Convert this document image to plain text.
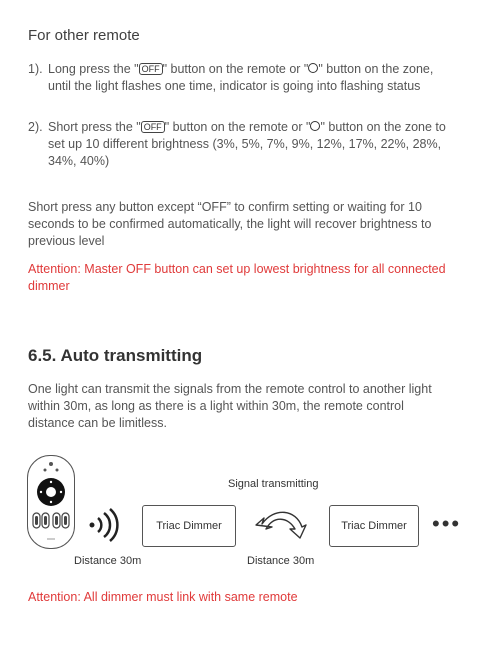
For other remote
1). Long press the " OFF " button on the remote or " " button on the zone, until the light flashes one time, indicator is going into flashing status
2). Short press the " OFF " button on the remote or " " button on the zone to set up 10 different brightness (3%, 5%, 7%, 9%, 12%, 17%, 22%, 28%, 34%, 40%)
Short press any button except “OFF” to confirm setting or waiting for 10 seconds to be confirmed automatically, the light will recover brightness to previous level
Attention: Master OFF button can set up lowest brightness for all connected dimmer
6.5. Auto transmitting
One light can transmit the signals from the remote control to another light within 30m, as long as there is a light within 30m, the remote control distance can be limitless.
Signal transmitting
Triac Dimmer	Triac Dimmer	•••
Distance 30m	Distance 30m
Attention: All dimmer must link with same remote
